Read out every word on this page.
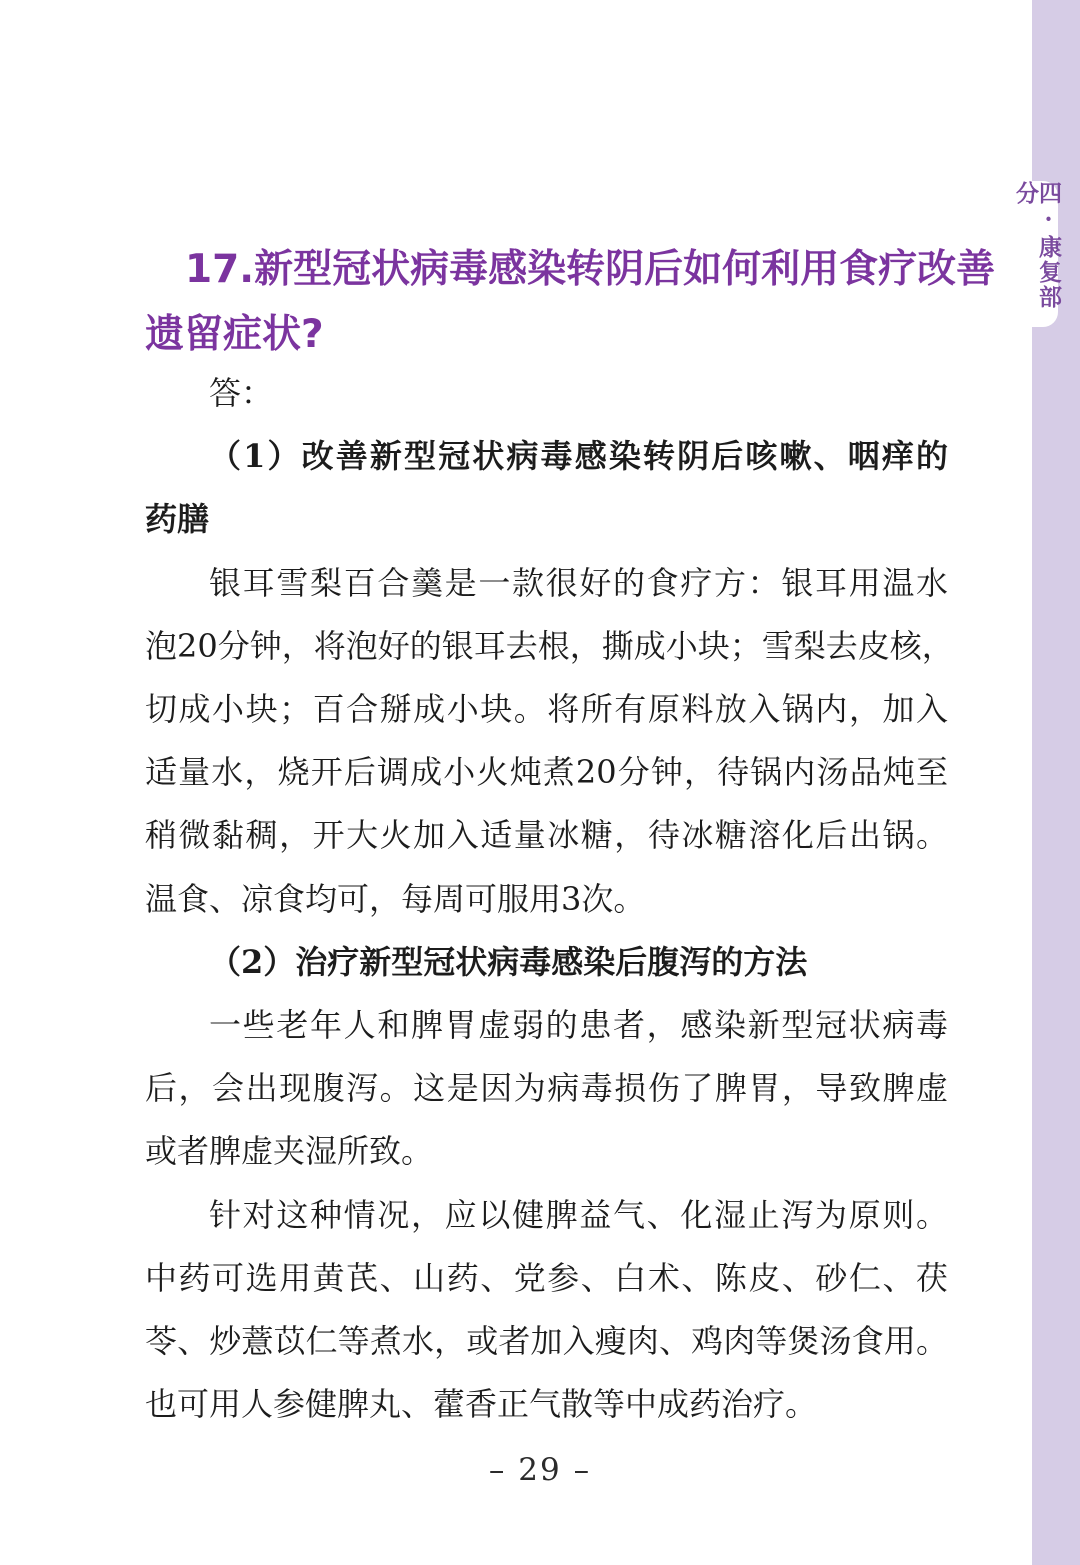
四·康复部分
17.新型冠状病毒感染转阴后如何利用食疗改善
遗留症状?
答：
（1）改善新型冠状病毒感染转阴后咳嗽、咽痒的
药膳
银耳雪梨百合羹是一款很好的食疗方：银耳用温水
泡20分钟，将泡好的银耳去根，撕成小块；雪梨去皮核，
切成小块；百合掰成小块。将所有原料放入锅内，加入
适量水，烧开后调成小火炖煮20分钟，待锅内汤品炖至
稍微黏稠，开大火加入适量冰糖，待冰糖溶化后出锅。
温食、凉食均可，每周可服用3次。
（2）治疗新型冠状病毒感染后腹泻的方法
一些老年人和脾胃虚弱的患者，感染新型冠状病毒
后，会出现腹泻。这是因为病毒损伤了脾胃，导致脾虚
或者脾虚夹湿所致。
针对这种情况，应以健脾益气、化湿止泻为原则。
中药可选用黄芪、山药、党参、白术、陈皮、砂仁、茯
苓、炒薏苡仁等煮水，或者加入瘦肉、鸡肉等煲汤食用。
也可用人参健脾丸、藿香正气散等中成药治疗。
– 29 –
